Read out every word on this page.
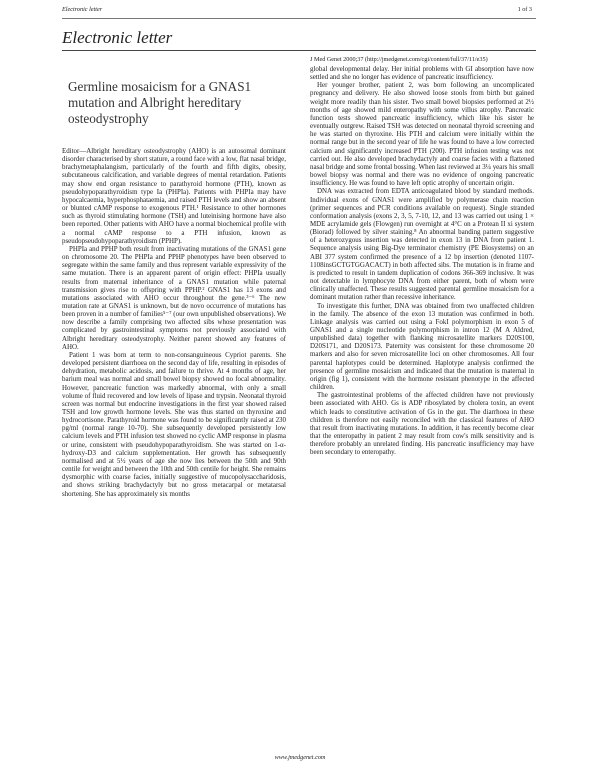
Electronic letter	1 of 3
Electronic letter
J Med Genet 2000;37 (http://jmedgenet.com/cgi/content/full/37/11/e35)
Germline mosaicism for a GNAS1 mutation and Albright hereditary osteodystrophy

Editor—Albright hereditary osteodystrophy (AHO) is an autosomal dominant disorder characterised by short stature, a round face with a low, flat nasal bridge, brachymetaphalangism, particularly of the fourth and fifth digits, obesity, subcutaneous calcification, and variable degrees of mental retardation. Patients may show end organ resistance to parathyroid hormone (PTH), known as pseudohypoparathyroidism type Ia (PHPIa). Patients with PHPIa may have hypocalcaemia, hyperphosphataemia, and raised PTH levels and show an absent or blunted cAMP response to exogenous PTH.¹ Resistance to other hormones such as thyroid stimulating hormone (TSH) and luteinising hormone have also been reported. Other patients with AHO have a normal biochemical profile with a normal cAMP response to a PTH infusion, known as pseudopseudohypoparathyroidism (PPHP).

PHPIa and PPHP both result from inactivating mutations of the GNAS1 gene on chromosome 20. The PHPIa and PPHP phenotypes have been observed to segregate within the same family and thus represent variable expressivity of the same mutation. There is an apparent parent of origin effect: PHPIa usually results from maternal inheritance of a GNAS1 mutation while paternal transmission gives rise to offspring with PPHP.² GNAS1 has 13 exons and mutations associated with AHO occur throughout the gene.³⁻⁶ The new mutation rate at GNAS1 is unknown, but de novo occurrence of mutations has been proven in a number of families⁵⁻⁷ (our own unpublished observations). We now describe a family comprising two affected sibs whose presentation was complicated by gastrointestinal symptoms not previously associated with Albright hereditary osteodystrophy. Neither parent showed any features of AHO.

Patient 1 was born at term to non-consanguineous Cypriot parents. She developed persistent diarrhoea on the second day of life, resulting in episodes of dehydration, metabolic acidosis, and failure to thrive. At 4 months of age, her barium meal was normal and small bowel biopsy showed no focal abnormality. However, pancreatic function was markedly abnormal, with only a small volume of fluid recovered and low levels of lipase and trypsin. Neonatal thyroid screen was normal but endocrine investigations in the first year showed raised TSH and low growth hormone levels. She was thus started on thyroxine and hydrocortisone. Parathyroid hormone was found to be significantly raised at 230 pg/ml (normal range 10-70). She subsequently developed persistently low calcium levels and PTH infusion test showed no cyclic AMP response in plasma or urine, consistent with pseudohypoparathyroidism. She was started on 1-α-hydroxy-D3 and calcium supplementation. Her growth has subsequently normalised and at 5½ years of age she now lies between the 50th and 90th centile for weight and between the 10th and 50th centile for height. She remains dysmorphic with coarse facies, initially suggestive of mucopolysaccharidosis, and shows striking brachydactyly but no gross metacarpal or metatarsal shortening. She has approximately six months

global developmental delay. Her initial problems with GI absorption have now settled and she no longer has evidence of pancreatic insufficiency.

Her younger brother, patient 2, was born following an uncomplicated pregnancy and delivery. He also showed loose stools from birth but gained weight more readily than his sister. Two small bowel biopsies performed at 2½ months of age showed mild enteropathy with some villus atrophy. Pancreatic function tests showed pancreatic insufficiency, which like his sister he eventually outgrew. Raised TSH was detected on neonatal thyroid screening and he was started on thyroxine. His PTH and calcium were initially within the normal range but in the second year of life he was found to have a low corrected calcium and significantly increased PTH (200). PTH infusion testing was not carried out. He also developed brachydactyly and coarse facies with a flattened nasal bridge and some frontal bossing. When last reviewed at 3¼ years his small bowel biopsy was normal and there was no evidence of ongoing pancreatic insufficiency. He was found to have left optic atrophy of uncertain origin.

DNA was extracted from EDTA anticoagulated blood by standard methods. Individual exons of GNAS1 were amplified by polymerase chain reaction (primer sequences and PCR conditions available on request). Single stranded conformation analysis (exons 2, 3, 5, 7-10, 12, and 13 was carried out using 1 × MDE acrylamide gels (Flowgen) run overnight at 4°C on a Protean II xi system (Biorad) followed by silver staining.⁸ An abnormal banding pattern suggestive of a heterozygous insertion was detected in exon 13 in DNA from patient 1. Sequence analysis using Big-Dye terminator chemistry (PE Biosystems) on an ABI 377 system confirmed the presence of a 12 bp insertion (denoted 1107-1108insGCTGTGGACACT) in both affected sibs. The mutation is in frame and is predicted to result in tandem duplication of codons 366-369 inclusive. It was not detectable in lymphocyte DNA from either parent, both of whom were clinically unaffected. These results suggested parental germline mosaicism for a dominant mutation rather than recessive inheritance.

To investigate this further, DNA was obtained from two unaffected children in the family. The absence of the exon 13 mutation was confirmed in both. Linkage analysis was carried out using a FokI polymorphism in exon 5 of GNAS1 and a single nucleotide polymorphism in intron 12 (M A Aldred, unpublished data) together with flanking microsatellite markers D20S100, D20S171, and D20S173. Paternity was consistent for these chromosome 20 markers and also for seven microsatellite loci on other chromosomes. All four parental haplotypes could be determined. Haplotype analysis confirmed the presence of germline mosaicism and indicated that the mutation is maternal in origin (fig 1), consistent with the hormone resistant phenotype in the affected children.

The gastrointestinal problems of the affected children have not previously been associated with AHO. Gs is ADP ribosylated by cholera toxin, an event which leads to constitutive activation of Gs in the gut. The diarrhoea in these children is therefore not easily reconciled with the classical features of AHO that result from inactivating mutations. In addition, it has recently become clear that the enteropathy in patient 2 may result from cow's milk sensitivity and is therefore probably an unrelated finding. His pancreatic insufficiency may have been secondary to enteropathy.

www.jmedgenet.com
